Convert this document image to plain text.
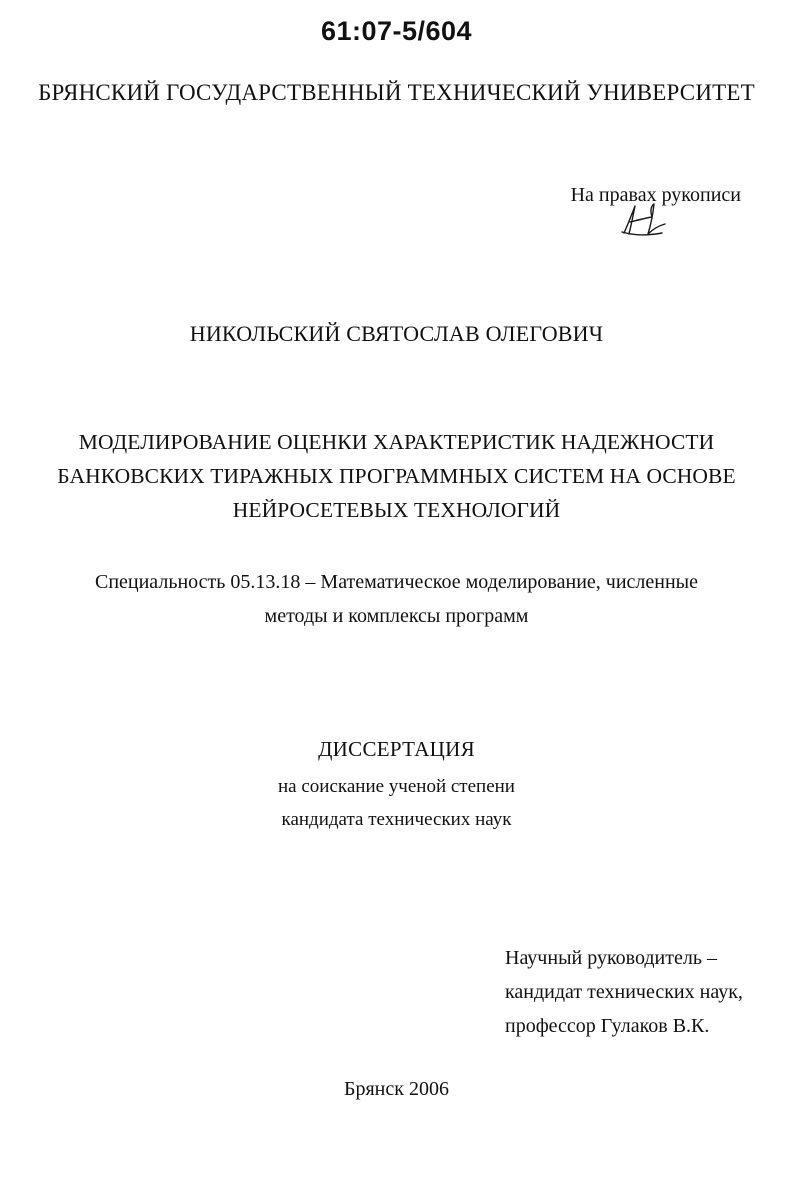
61:07-5/604
БРЯНСКИЙ ГОСУДАРСТВЕННЫЙ ТЕХНИЧЕСКИЙ УНИВЕРСИТЕТ
На правах рукописи
НИКОЛЬСКИЙ СВЯТОСЛАВ ОЛЕГОВИЧ
МОДЕЛИРОВАНИЕ ОЦЕНКИ ХАРАКТЕРИСТИК НАДЕЖНОСТИ
БАНКОВСКИХ ТИРАЖНЫХ ПРОГРАММНЫХ СИСТЕМ НА ОСНОВЕ
НЕЙРОСЕТЕВЫХ ТЕХНОЛОГИЙ
Специальность 05.13.18 – Математическое моделирование, численные
методы и комплексы программ
ДИССЕРТАЦИЯ
на соискание ученой степени
кандидата технических наук
Научный руководитель –
кандидат технических наук,
профессор Гулаков В.К.
Брянск 2006
